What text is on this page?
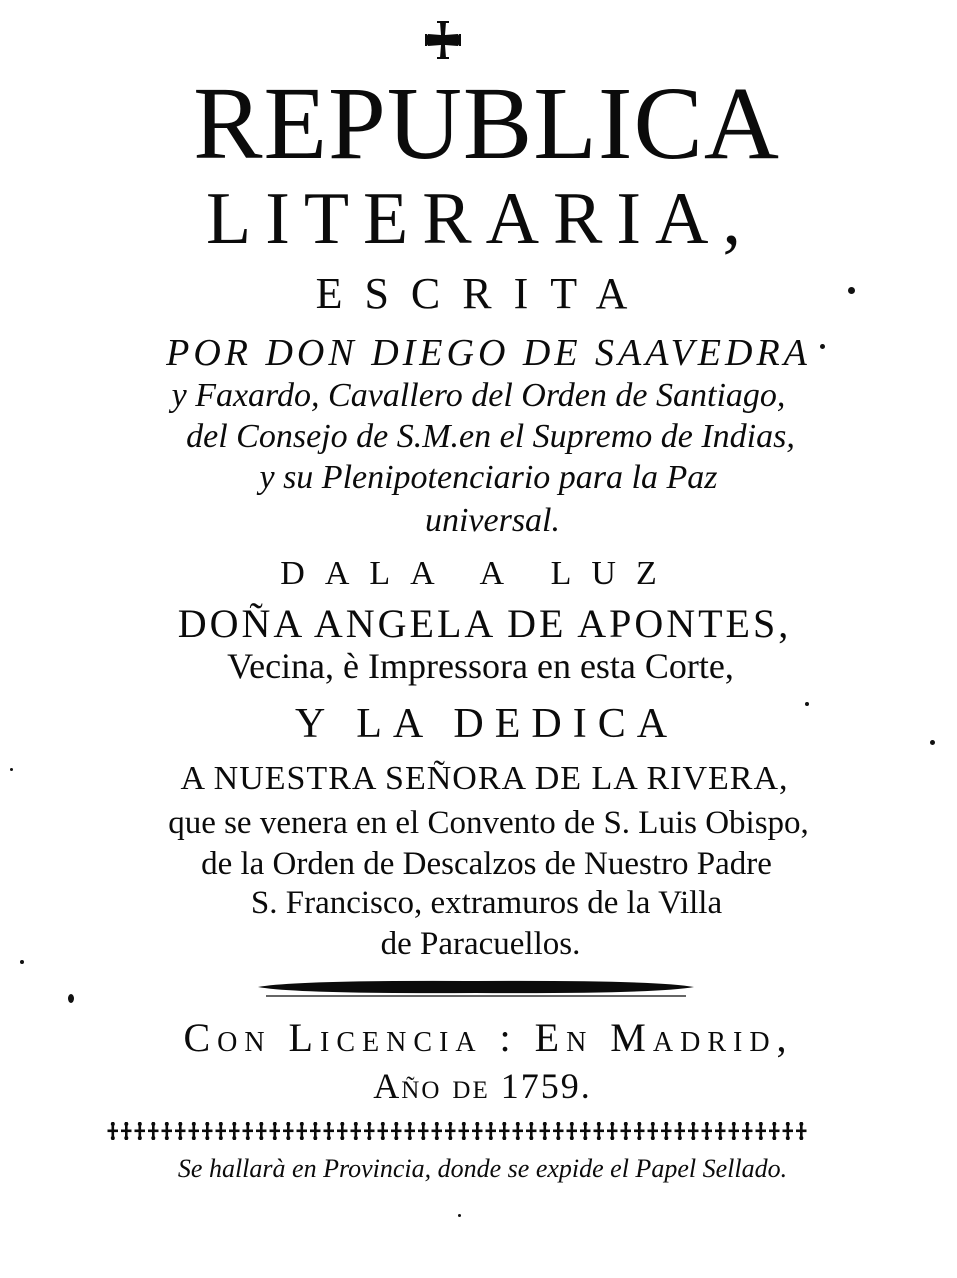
REPUBLICA
LITERARIA,
ESCRITA
POR DON DIEGO DE SAAVEDRA
y Faxardo, Cavallero del Orden de Santiago,
del Consejo de S.M.en el Supremo de Indias,
y su Plenipotenciario para la Paz
universal.
DALA A LUZ
DOÑA ANGELA DE APONTES,
Vecina, è Impressora en esta Corte,
Y LA DEDICA
A NUESTRA SEÑORA DE LA RIVERA,
que se venera en el Convento de S. Luis Obispo,
de la Orden de Descalzos de Nuestro Padre
S. Francisco, extramuros de la Villa
de Paracuellos.
Con Licencia : En Madrid,
Año de 1759.
Se hallarà en Provincia, donde se expide el Papel Sellado.
